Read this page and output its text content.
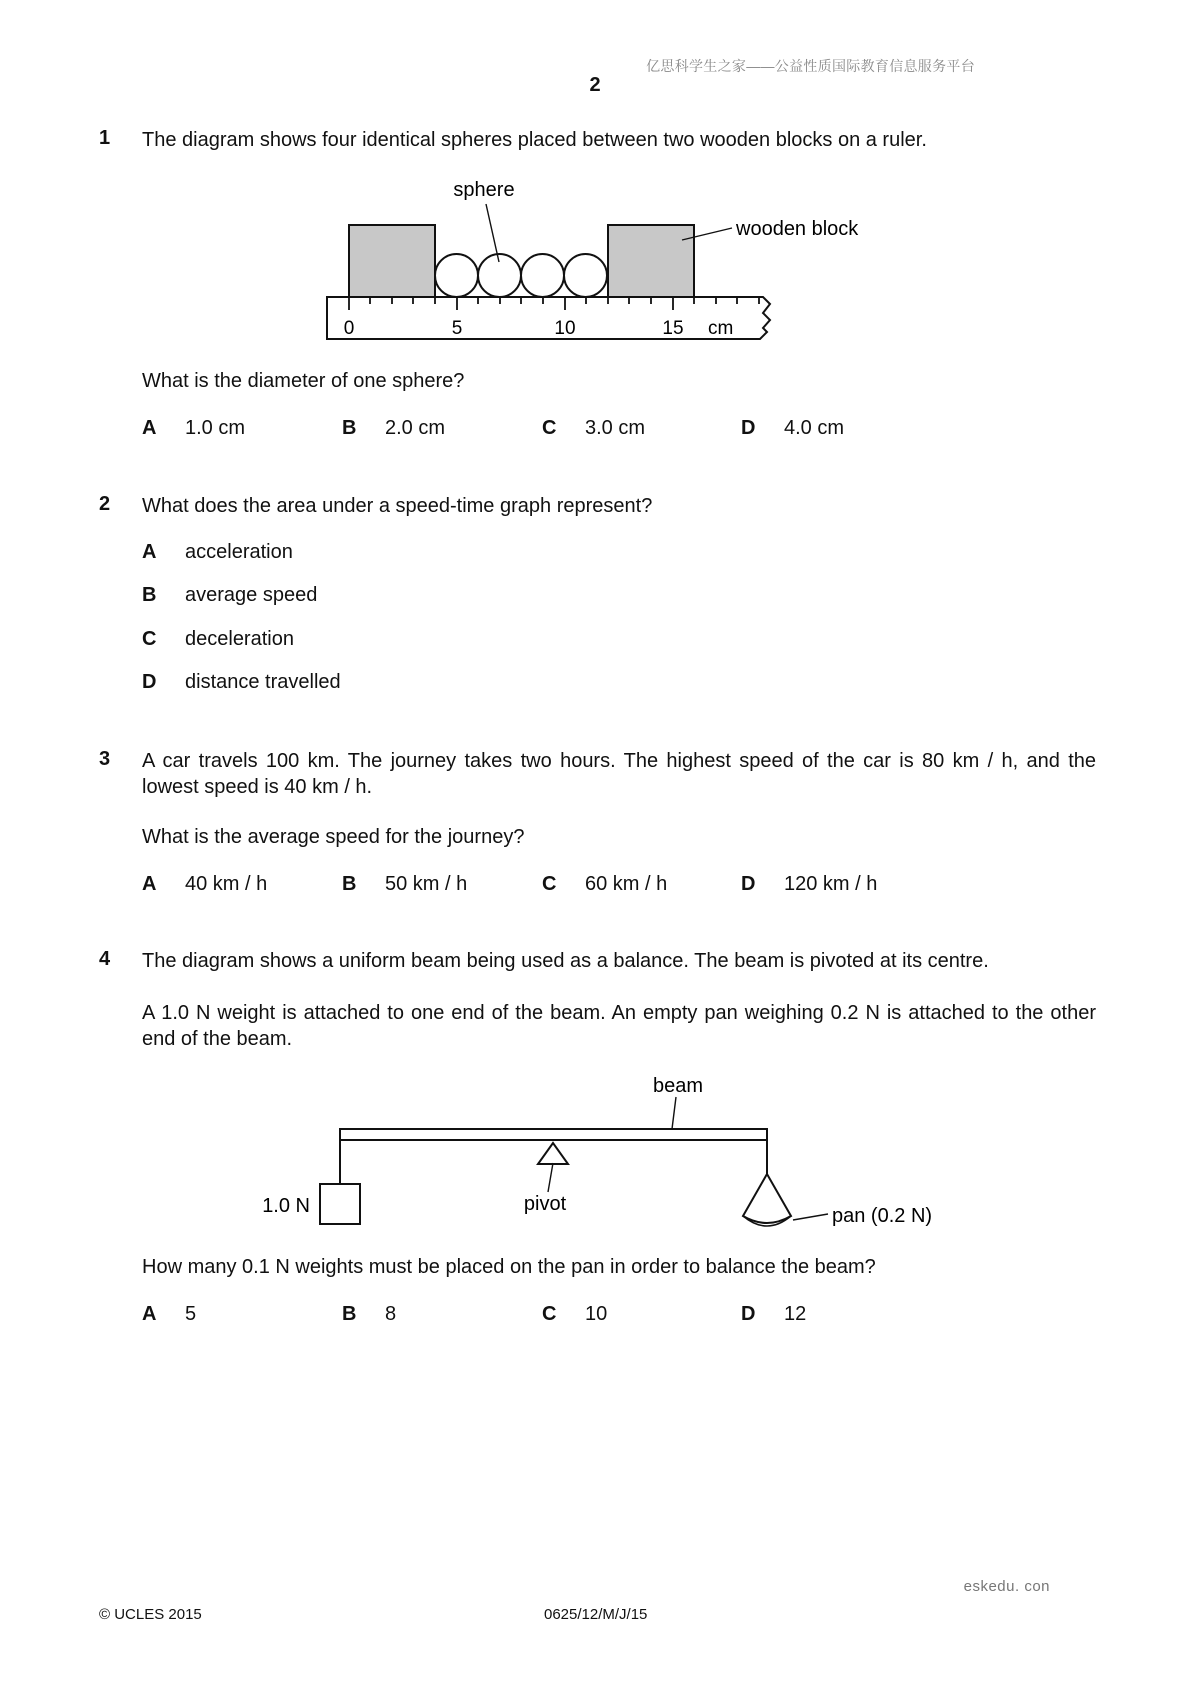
亿思科学生之家——公益性质国际教育信息服务平台
2
1 The diagram shows four identical spheres placed between two wooden blocks on a ruler.
sphere
wooden block
0	5	10	15 cm
What is the diameter of one sphere?
A 1.0 cm	B 2.0 cm	C 3.0 cm	D 4.0 cm
2 What does the area under a speed-time graph represent?
A acceleration
B average speed
C deceleration
D distance travelled
3 A car travels 100 km. The journey takes two hours. The highest speed of the car is 80 km / h, and the lowest speed is 40 km / h.
What is the average speed for the journey?
A 40 km / h	B 50 km / h	C 60 km / h	D 120 km / h
4 The diagram shows a uniform beam being used as a balance. The beam is pivoted at its centre.
A 1.0 N weight is attached to one end of the beam. An empty pan weighing 0.2 N is attached to the other end of the beam.
beam
1.0 N	pivot
pan (0.2 N)
How many 0.1 N weights must be placed on the pan in order to balance the beam?
A 5	B 8	C 10	D 12
eskedu. con
© UCLES 2015	0625/12/M/J/15
